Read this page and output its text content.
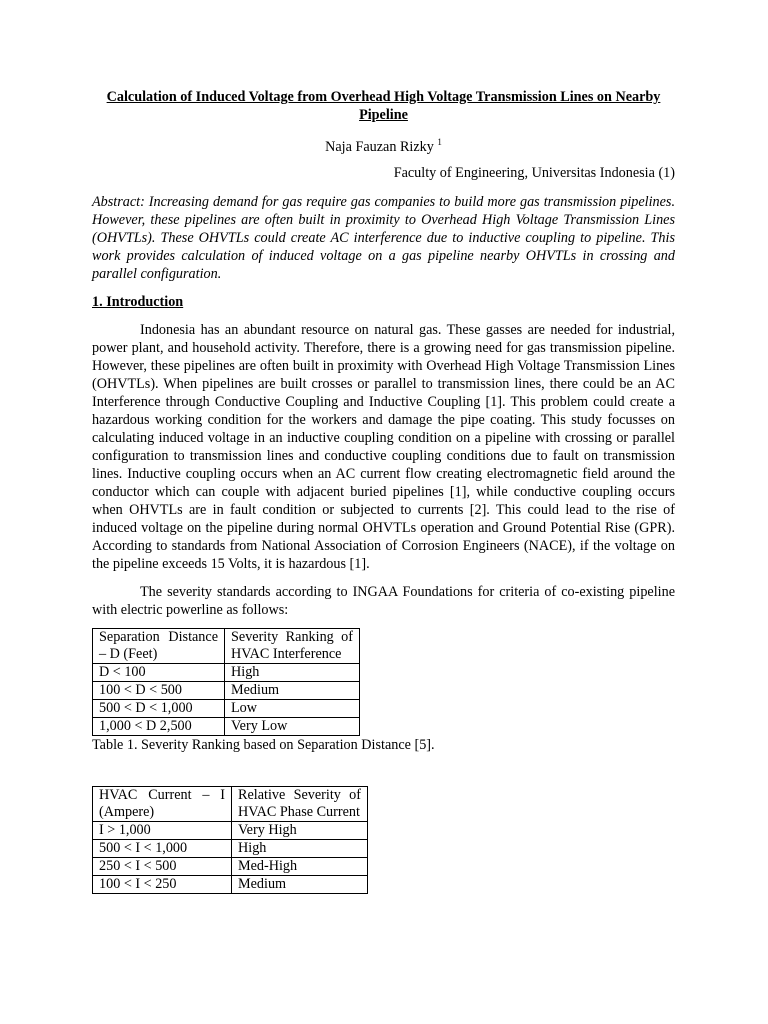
Calculation of Induced Voltage from Overhead High Voltage Transmission Lines on Nearby Pipeline
Naja Fauzan Rizky $^1$
Faculty of Engineering, Universitas Indonesia (1)
Abstract: Increasing demand for gas require gas companies to build more gas transmission pipelines. However, these pipelines are often built in proximity to Overhead High Voltage Transmission Lines (OHVTLs). These OHVTLs could create AC interference due to inductive coupling to pipeline. This work provides calculation of induced voltage on a gas pipeline nearby OHVTLs in crossing and parallel configuration.
1. Introduction

Indonesia has an abundant resource on natural gas. These gasses are needed for industrial, power plant, and household activity. Therefore, there is a growing need for gas transmission pipeline. However, these pipelines are often built in proximity with Overhead High Voltage Transmission Lines (OHVTLs). When pipelines are built crosses or parallel to transmission lines, there could be an AC Interference through Conductive Coupling and Inductive Coupling [1]. This problem could create a hazardous working condition for the workers and damage the pipe coating. This study focusses on calculating induced voltage in an inductive coupling condition on a pipeline with crossing or parallel configuration to transmission lines and conductive coupling conditions due to fault on transmission lines. Inductive coupling occurs when an AC current flow creating electromagnetic field around the conductor which can couple with adjacent buried pipelines [1], while conductive coupling occurs when OHVTLs are in fault condition or subjected to currents [2]. This could lead to the rise of induced voltage on the pipeline during normal OHVTLs operation and Ground Potential Rise (GPR). According to standards from National Association of Corrosion Engineers (NACE), if the voltage on the pipeline exceeds 15 Volts, it is hazardous [1].

The severity standards according to INGAA Foundations for criteria of co-existing pipeline with electric powerline as follows:

Separation Distance – D (Feet)	Severity Ranking of HVAC Interference
D < 100	High
100 < D < 500	Medium
500 < D < 1,000	Low
1,000 < D 2,500	Very Low
Table 1. Severity Ranking based on Separation Distance [5].
HVAC Current – I (Ampere)	Relative Severity of HVAC Phase Current
I > 1,000	Very High
500 < I < 1,000	High
250 < I < 500	Med-High
100 < I < 250	Medium
